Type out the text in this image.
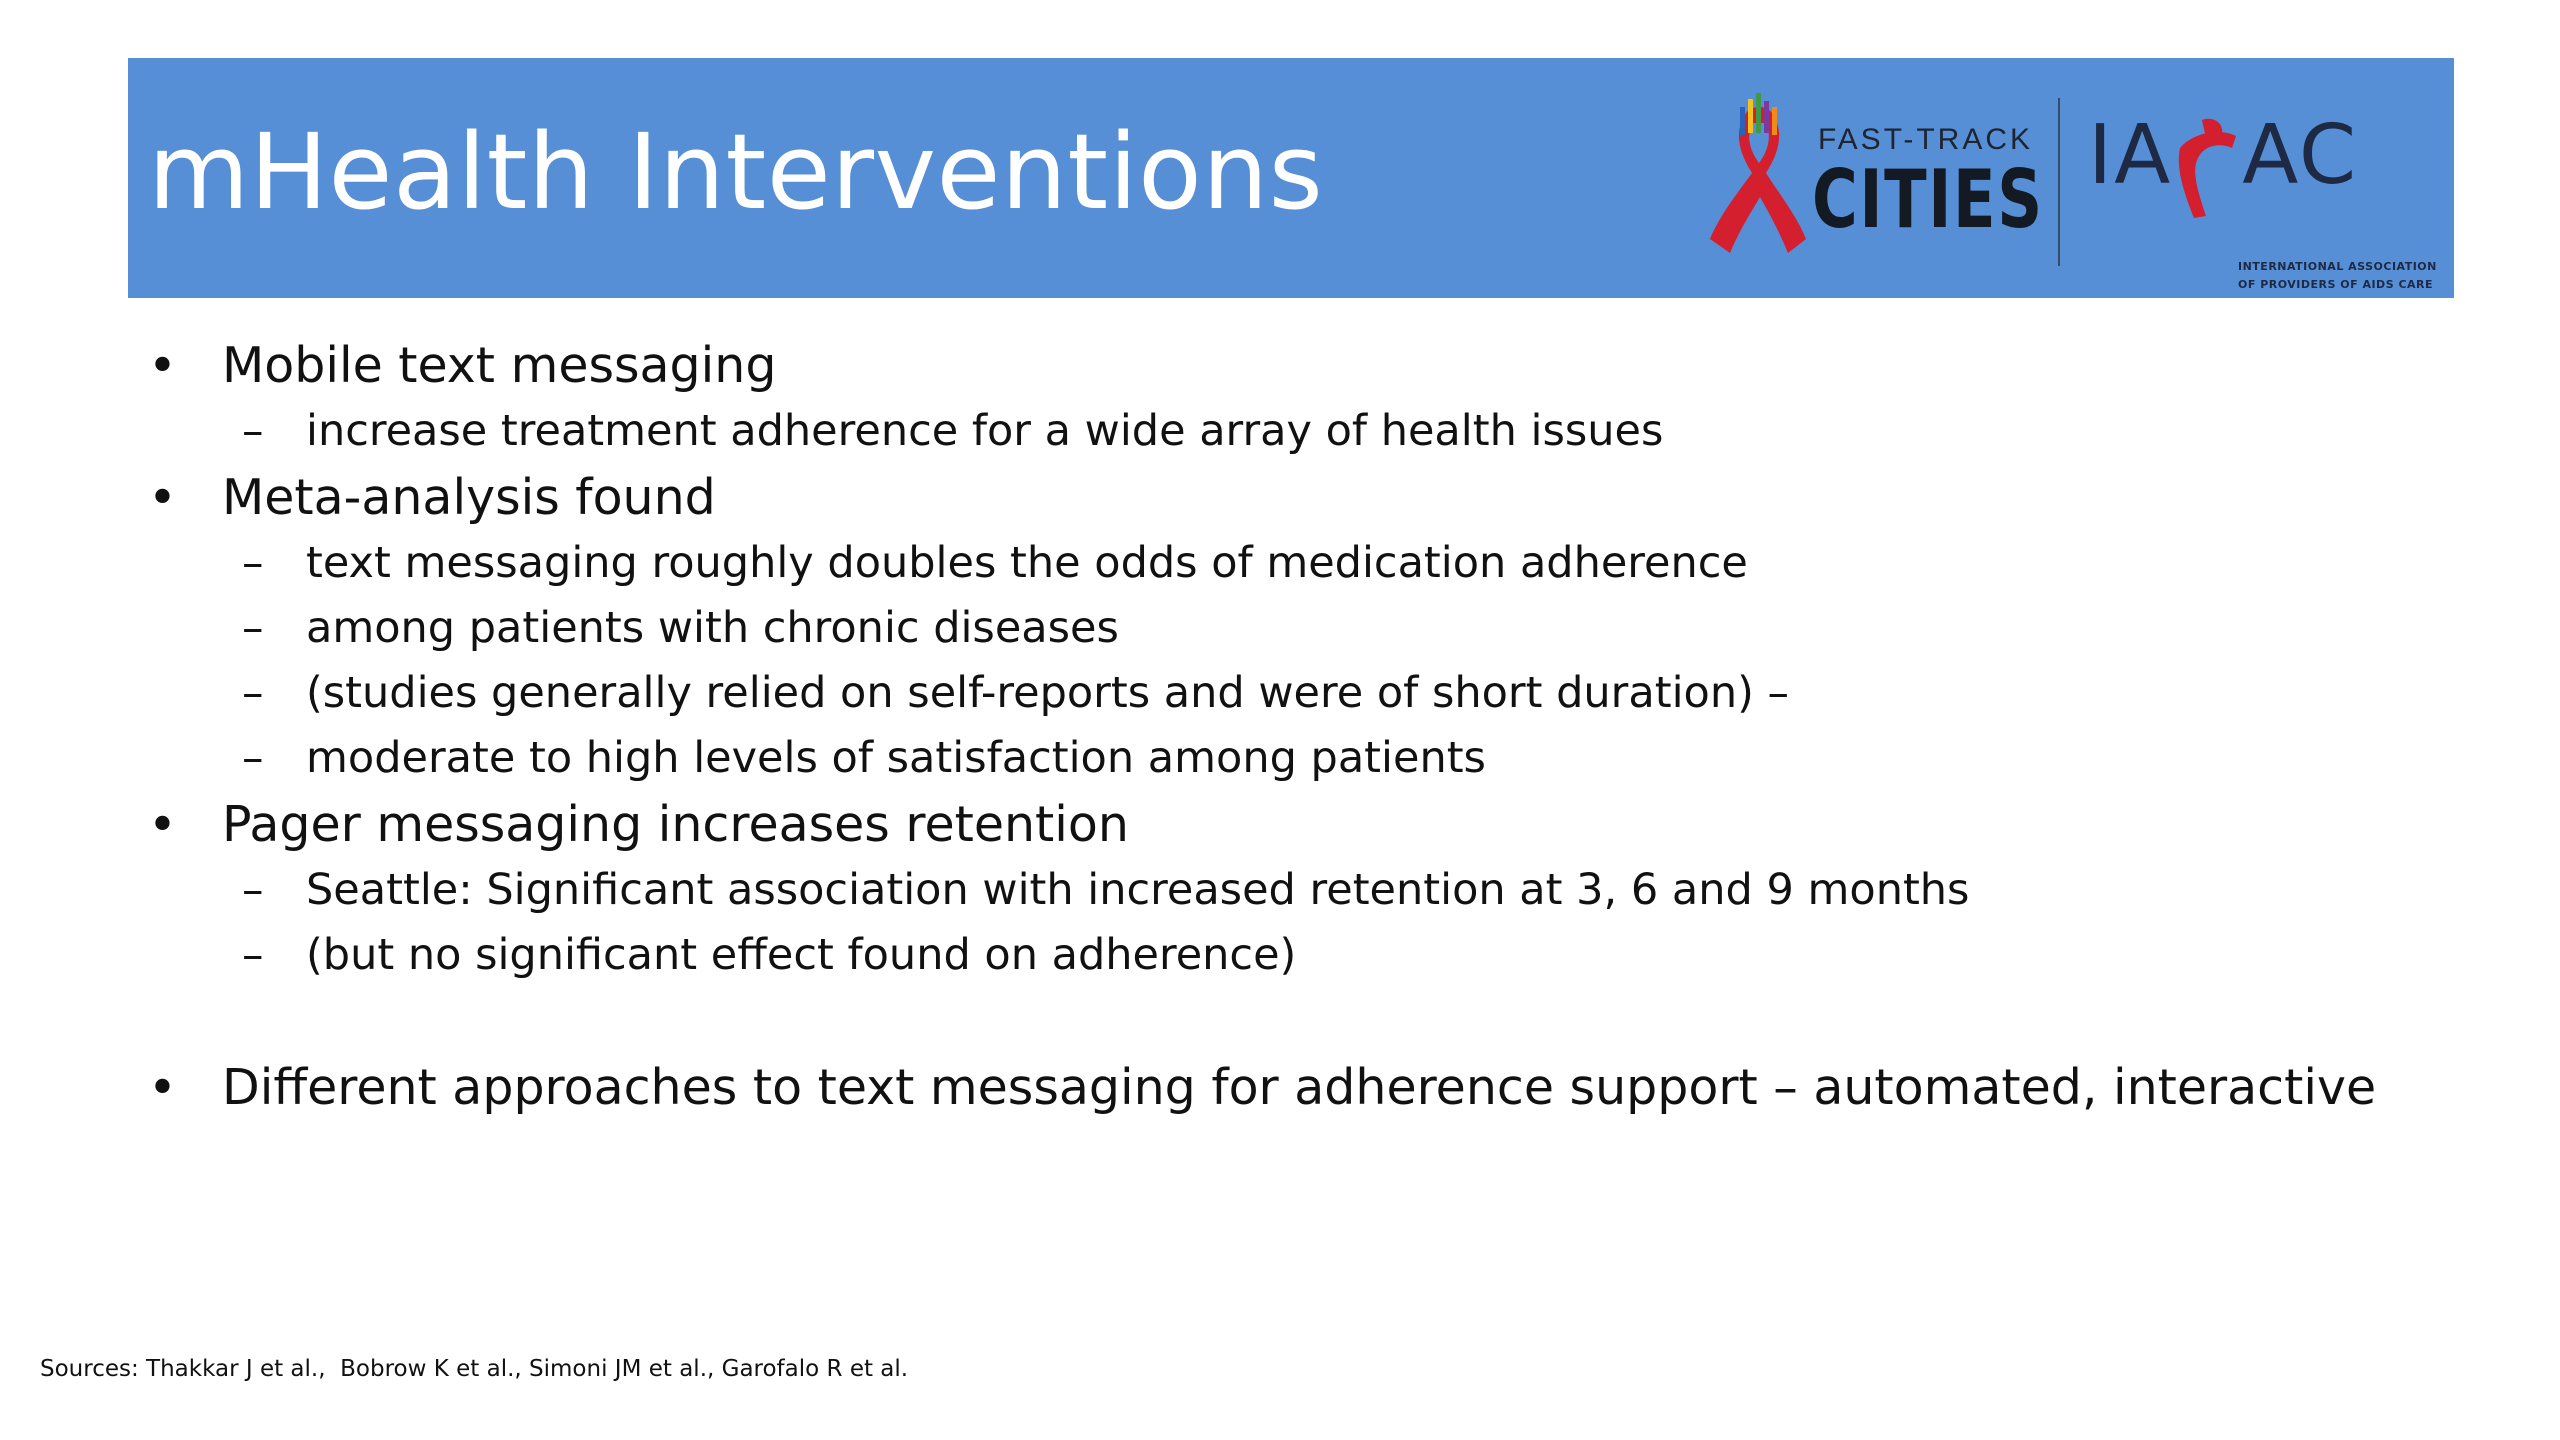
mHealth Interventions	FAST-TRACK
CITIES IA AC
INTERNATIONAL ASSOCIATION
OF PROVIDERS OF AIDS CARE
• Mobile text messaging
– increase treatment adherence for a wide array of health issues
• Meta-analysis found
– text messaging roughly doubles the odds of medication adherence
– among patients with chronic diseases
– (studies generally relied on self-reports and were of short duration) –
– moderate to high levels of satisfaction among patients
• Pager messaging increases retention
– Seattle: Significant association with increased retention at 3, 6 and 9 months
– (but no significant effect found on adherence)
• Different approaches to text messaging for adherence support – automated, interactive
Sources: Thakkar J et al.,  Bobrow K et al., Simoni JM et al., Garofalo R et al.
